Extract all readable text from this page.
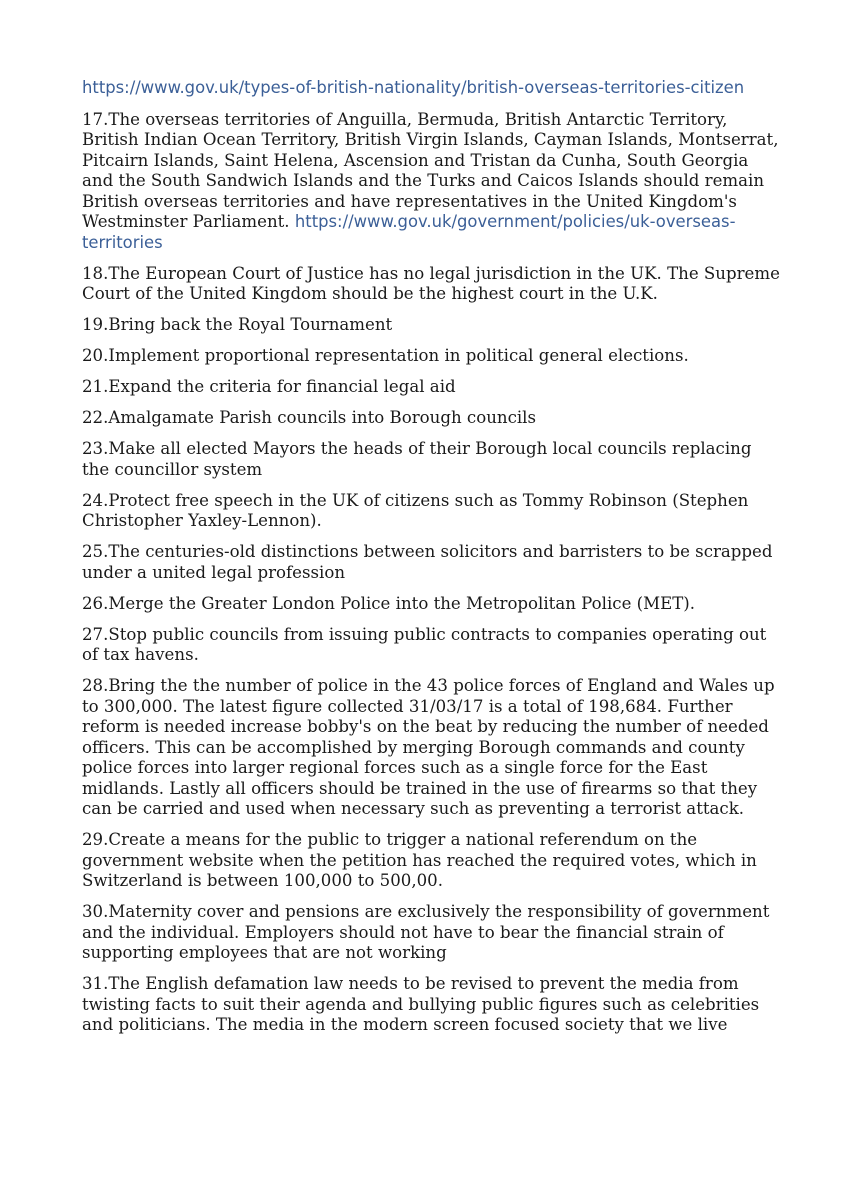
https://www.gov.uk/types-of-british-nationality/british-overseas-territories-citizen

17.The overseas territories of Anguilla, Bermuda, British Antarctic Territory, British Indian Ocean Territory, British Virgin Islands, Cayman Islands, Montserrat, Pitcairn Islands, Saint Helena, Ascension and Tristan da Cunha, South Georgia and the South Sandwich Islands and the Turks and Caicos Islands should remain British overseas territories and have representatives in the United Kingdom's Westminster Parliament. https://www.gov.uk/government/policies/uk-overseas-territories

18.The European Court of Justice has no legal jurisdiction in the UK. The Supreme Court of the United Kingdom should be the highest court in the U.K.

19.Bring back the Royal Tournament

20.Implement proportional representation in political general elections.

21.Expand the criteria for financial legal aid

22.Amalgamate Parish councils into Borough councils

23.Make all elected Mayors the heads of their Borough local councils replacing the councillor system

24.Protect free speech in the UK of citizens such as Tommy Robinson (Stephen Christopher Yaxley-Lennon).

25.The centuries-old distinctions between solicitors and barristers to be scrapped under a united legal profession

26.Merge the Greater London Police into the Metropolitan Police (MET).

27.Stop public councils from issuing public contracts to companies operating out of tax havens.

28.Bring the the number of police in the 43 police forces of England and Wales up to 300,000. The latest figure collected 31/03/17 is a total of 198,684. Further reform is needed increase bobby's on the beat by reducing the number of needed officers. This can be accomplished by merging Borough commands and county police forces into larger regional forces such as a single force for the East midlands. Lastly all officers should be trained in the use of firearms so that they can be carried and used when necessary such as preventing a terrorist attack.

29.Create a means for the public to trigger a national referendum on the government website when the petition has reached the required votes, which in Switzerland is between 100,000 to 500,00.

30.Maternity cover and pensions are exclusively the responsibility of government and the individual. Employers should not have to bear the financial strain of supporting employees that are not working

31.The English defamation law needs to be revised to prevent the media from twisting facts to suit their agenda and bullying public figures such as celebrities and politicians. The media in the modern screen focused society that we live
